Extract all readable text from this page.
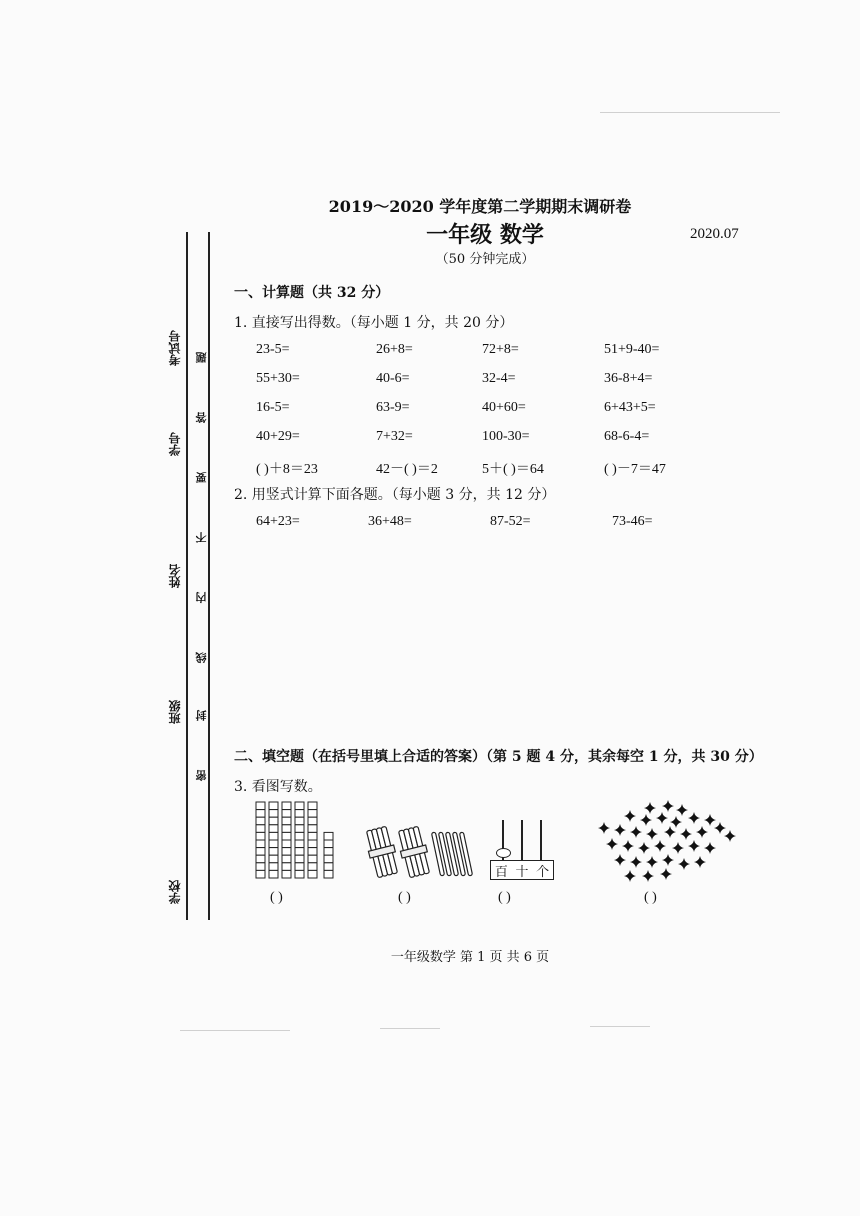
2019～2020 学年度第二学期期末调研卷
一年级 数学	2020.07
（50 分钟完成）
考试号
学号
姓名
班级
学校
题
答
要
不
内
线
封
密
一、计算题（共 32 分）
1. 直接写出得数。（每小题 1 分，共 20 分）
23-5=	26+8=	72+8=	51+9-40=
55+30=	40-6=	32-4=	36-8+4=
16-5=	63-9=	40+60=	6+43+5=
40+29=	7+32=	100-30=	68-6-4=
( )＋8＝23	42－( )＝2	5＋( )＝64	( )－7＝47
2. 用竖式计算下面各题。（每小题 3 分，共 12 分）
64+23=	36+48=	87-52=	73-46=
二、填空题（在括号里填上合适的答案）（第 5 题 4 分，其余每空 1 分，共 30 分）
3. 看图写数。
百 十 个
( )	( )	( )	( )
一年级数学 第 1 页 共 6 页
